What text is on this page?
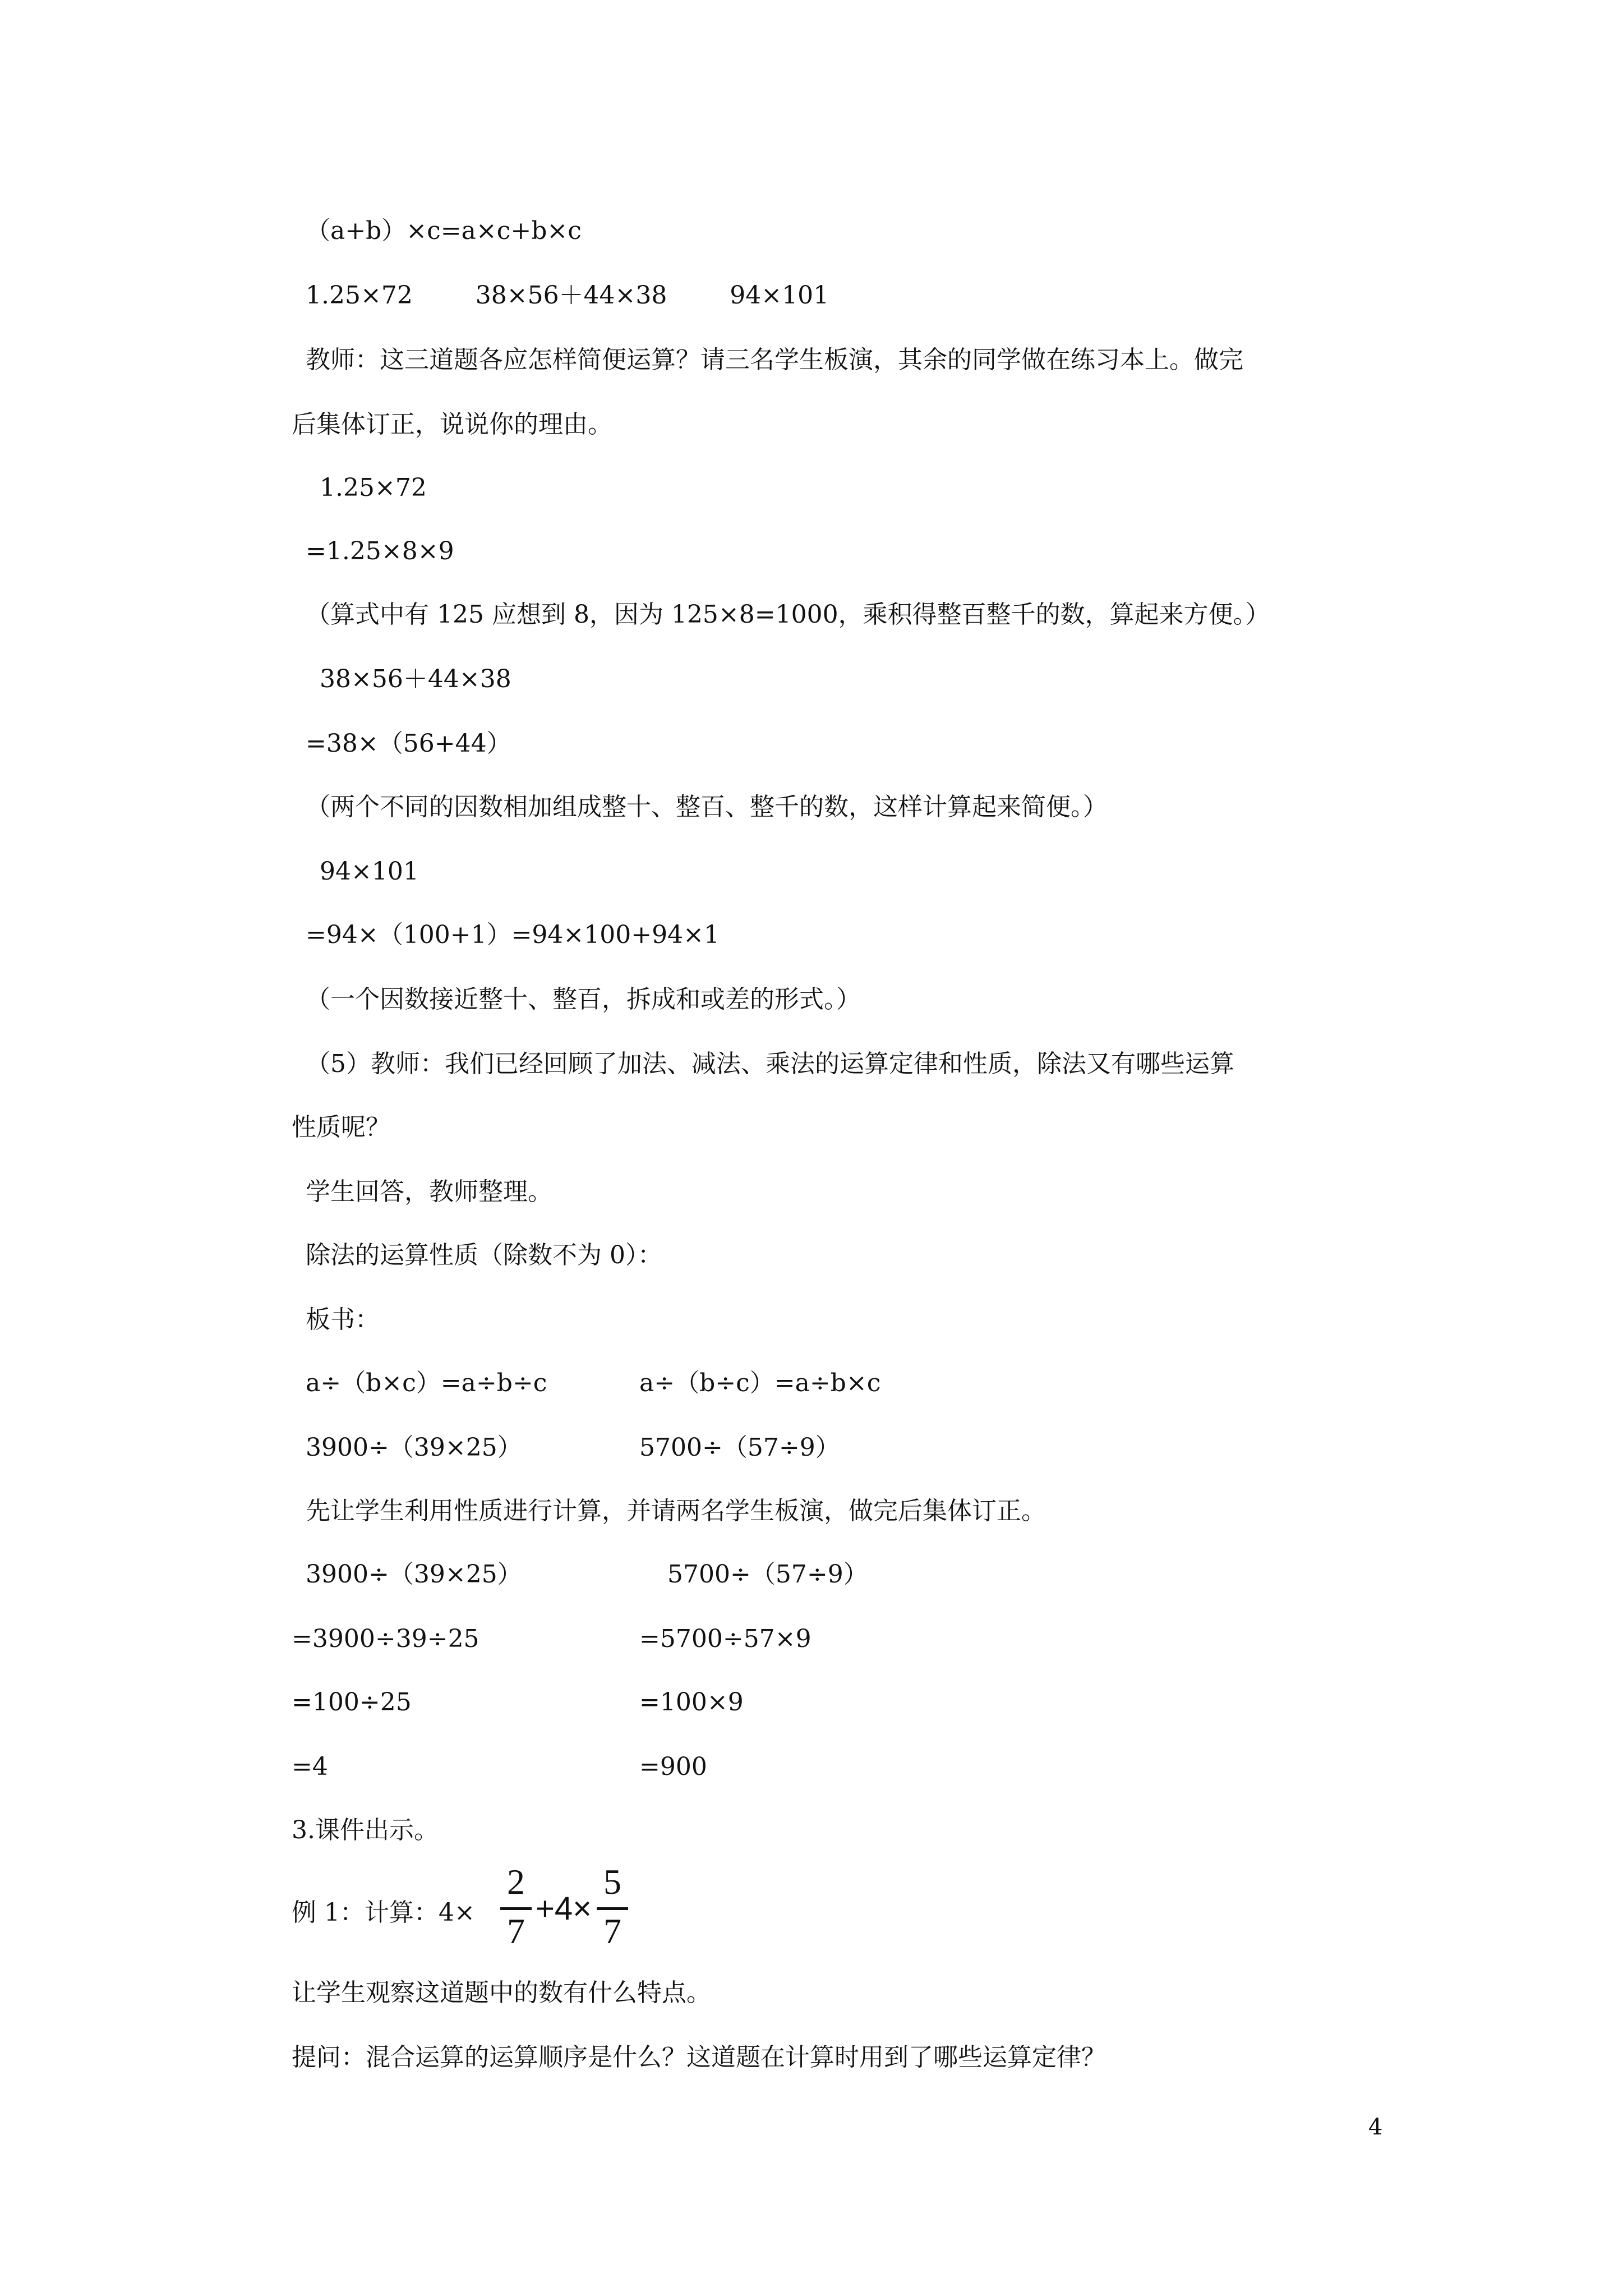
（a+b）×c=a×c+b×c
1.25×72        38×56＋44×38        94×101
教师：这三道题各应怎样简便运算？请三名学生板演，其余的同学做在练习本上。做完
后集体订正，说说你的理由。
1.25×72
=1.25×8×9
（算式中有 125 应想到 8，因为 125×8=1000，乘积得整百整千的数，算起来方便。）
38×56＋44×38
=38×（56+44）
（两个不同的因数相加组成整十、整百、整千的数，这样计算起来简便。）
94×101
=94×（100+1）=94×100+94×1
（一个因数接近整十、整百，拆成和或差的形式。）
（5）教师：我们已经回顾了加法、减法、乘法的运算定律和性质，除法又有哪些运算
性质呢？
学生回答，教师整理。
除法的运算性质（除数不为 0）：
板书：
a÷（b×c）=a÷b÷c	a÷（b÷c）=a÷b×c
3900÷（39×25）	5700÷（57÷9）
先让学生利用性质进行计算，并请两名学生板演，做完后集体订正。
3900÷（39×25）	5700÷（57÷9）
=3900÷39÷25	=5700÷57×9
=100÷25	=100×9
=4	=900
3.课件出示。
例 1：计算：4×
2
7
+4×
5
7
让学生观察这道题中的数有什么特点。
提问：混合运算的运算顺序是什么？这道题在计算时用到了哪些运算定律？
4
